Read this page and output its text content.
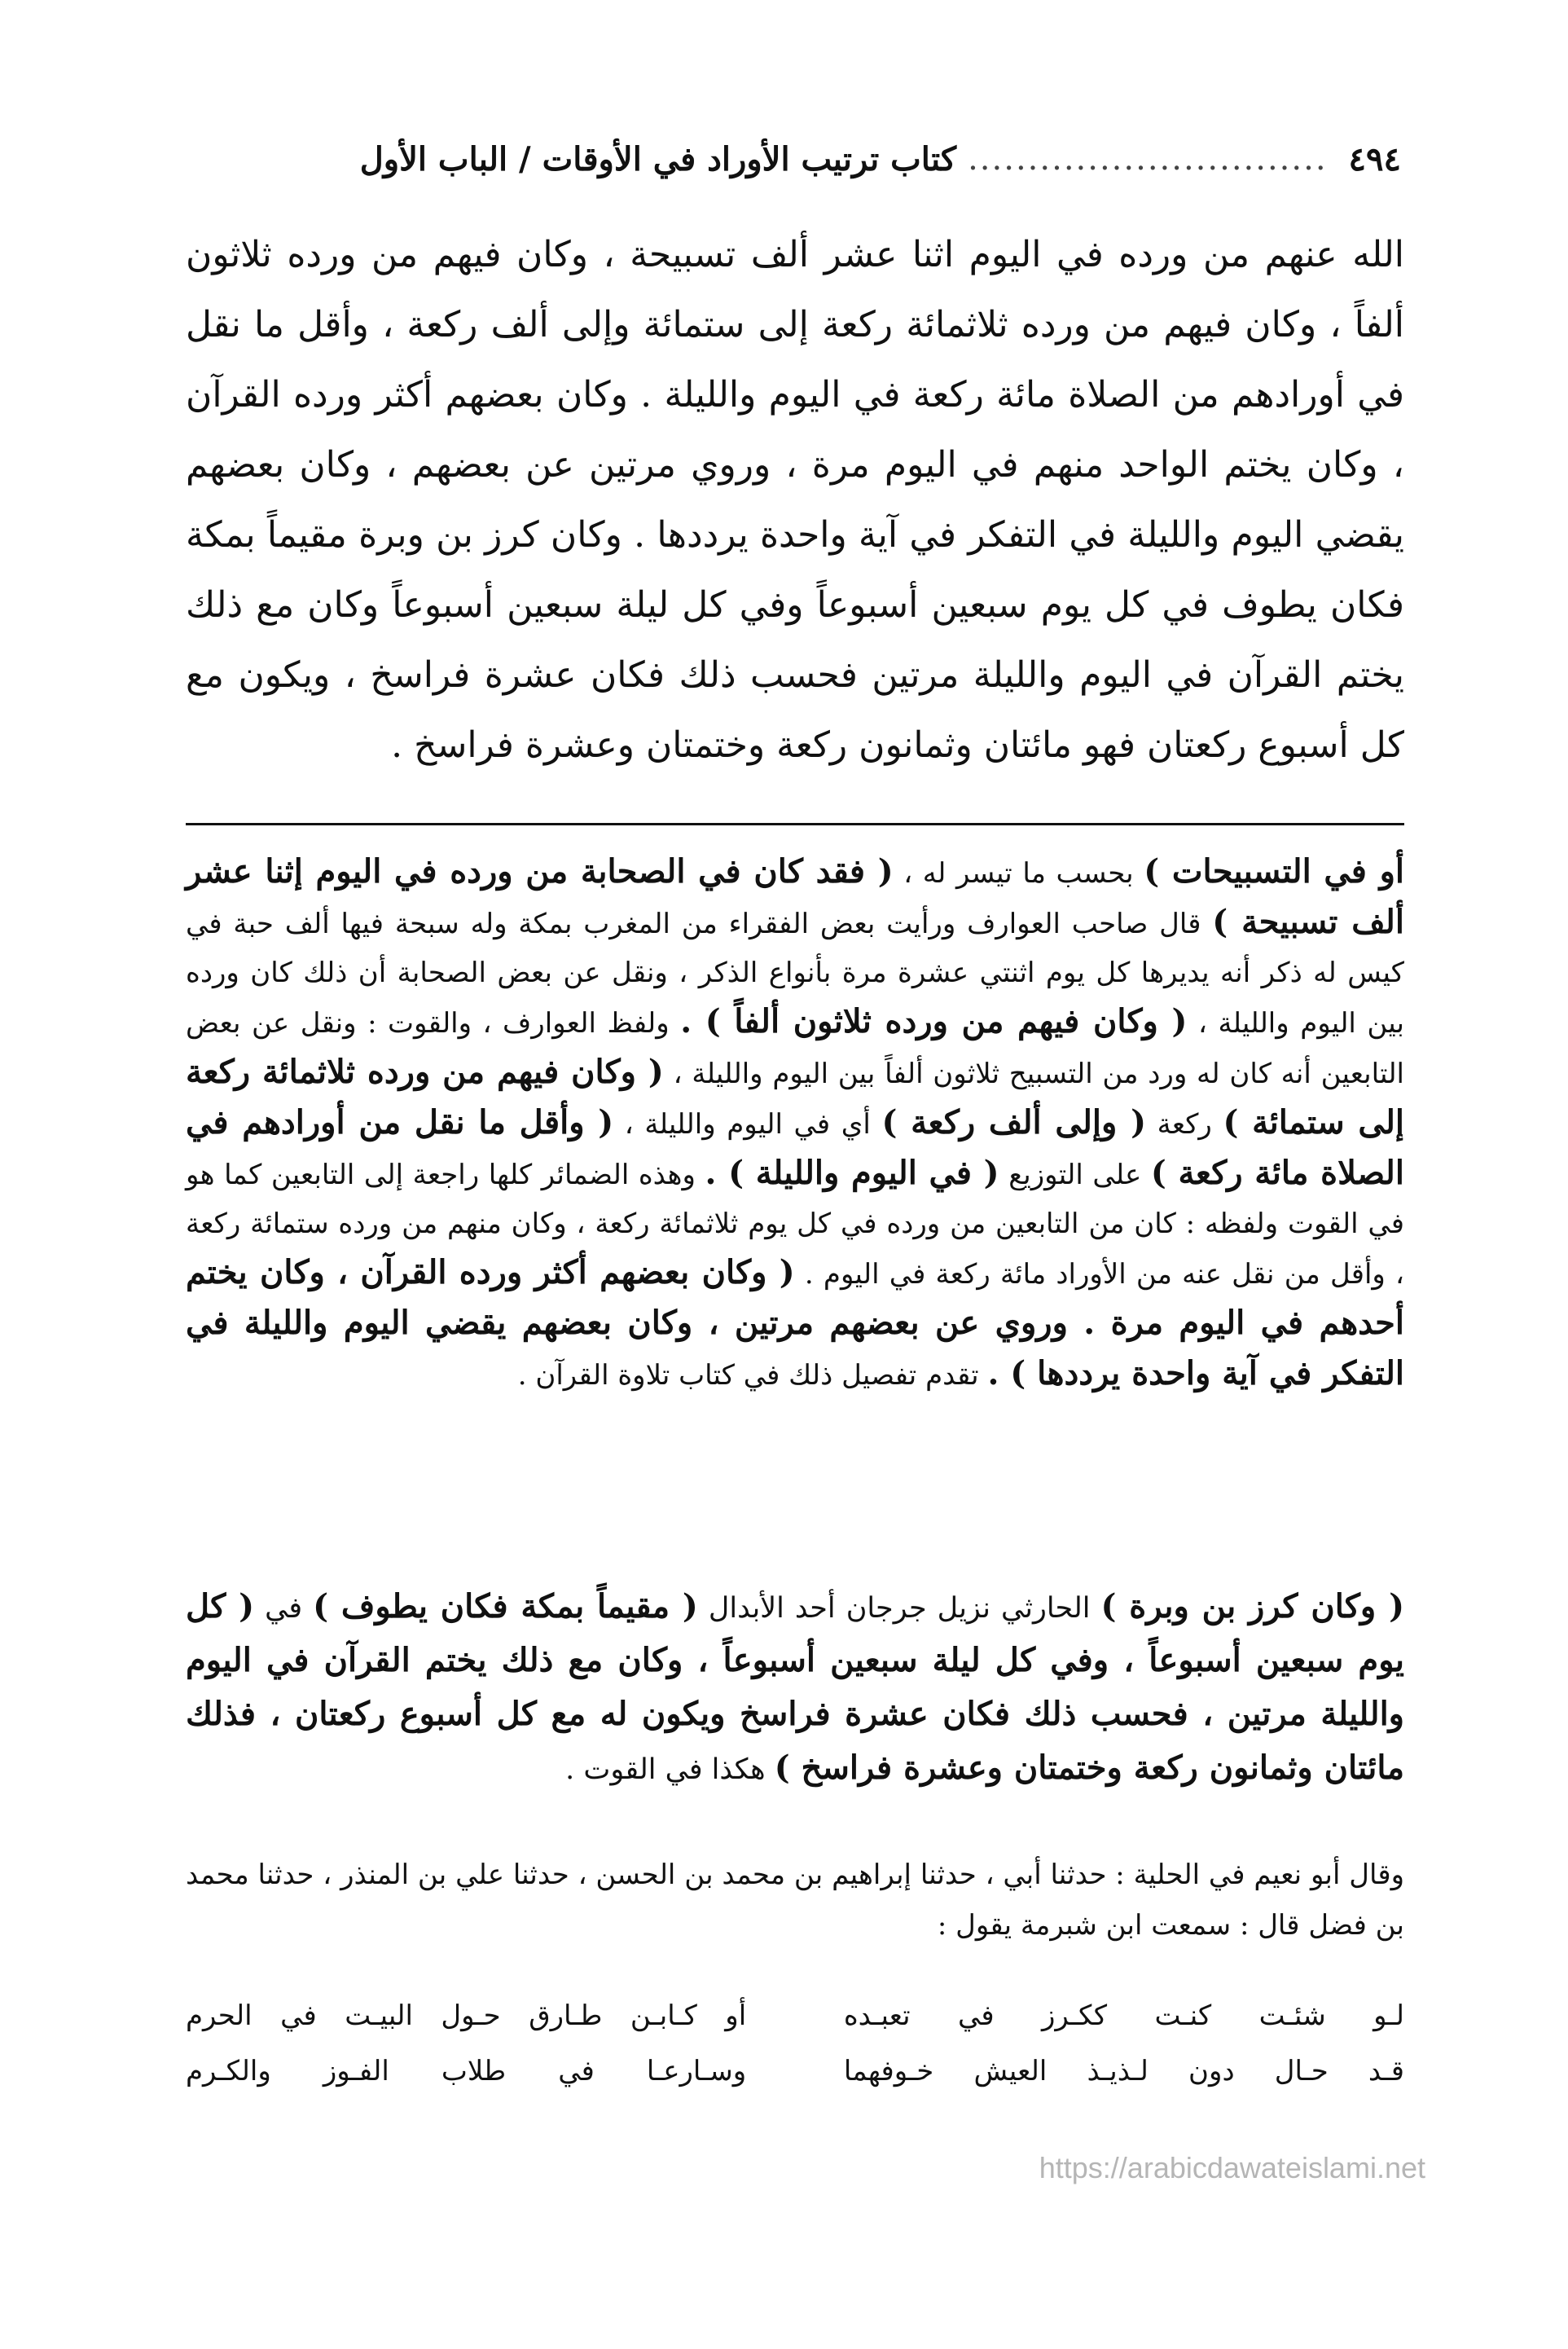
٤٩٤
..............................
كتاب ترتيب الأوراد في الأوقات / الباب الأول

الله عنهم من ورده في اليوم اثنا عشر ألف تسبيحة ، وكان فيهم من ورده ثلاثون ألفاً ، وكان فيهم من ورده ثلاثمائة ركعة إلى ستمائة وإلى ألف ركعة ، وأقل ما نقل في أورادهم من الصلاة مائة ركعة في اليوم والليلة . وكان بعضهم أكثر ورده القرآن ، وكان يختم الواحد منهم في اليوم مرة ، وروي مرتين عن بعضهم ، وكان بعضهم يقضي اليوم والليلة في التفكر في آية واحدة يرددها . وكان كرز بن وبرة مقيماً بمكة فكان يطوف في كل يوم سبعين أسبوعاً وفي كل ليلة سبعين أسبوعاً وكان مع ذلك يختم القرآن في اليوم والليلة مرتين فحسب ذلك فكان عشرة فراسخ ، ويكون مع كل أسبوع ركعتان فهو مائتان وثمانون ركعة وختمتان وعشرة فراسخ .

أو في التسبيحات ) بحسب ما تيسر له ، ( فقد كان في الصحابة من ورده في اليوم إثنا عشر ألف تسبيحة ) قال صاحب العوارف ورأيت بعض الفقراء من المغرب بمكة وله سبحة فيها ألف حبة في كيس له ذكر أنه يديرها كل يوم اثنتي عشرة مرة بأنواع الذكر ، ونقل عن بعض الصحابة أن ذلك كان ورده بين اليوم والليلة ، ( وكان فيهم من ورده ثلاثون ألفاً ) . ولفظ العوارف ، والقوت : ونقل عن بعض التابعين أنه كان له ورد من التسبيح ثلاثون ألفاً بين اليوم والليلة ، ( وكان فيهم من ورده ثلاثمائة ركعة إلى ستمائة ) ركعة ( وإلى ألف ركعة ) أي في اليوم والليلة ، ( وأقل ما نقل من أورادهم في الصلاة مائة ركعة ) على التوزيع ( في اليوم والليلة ) . وهذه الضمائر كلها راجعة إلى التابعين كما هو في القوت ولفظه : كان من التابعين من ورده في كل يوم ثلاثمائة ركعة ، وكان منهم من ورده ستمائة ركعة ، وأقل من نقل عنه من الأوراد مائة ركعة في اليوم . ( وكان بعضهم أكثر ورده القرآن ، وكان يختم أحدهم في اليوم مرة . وروي عن بعضهم مرتين ، وكان بعضهم يقضي اليوم والليلة في التفكر في آية واحدة يرددها ) . تقدم تفصيل ذلك في كتاب تلاوة القرآن .

( وكان كرز بن وبرة ) الحارثي نزيل جرجان أحد الأبدال ( مقيماً بمكة فكان يطوف ) في ( كل يوم سبعين أسبوعاً ، وفي كل ليلة سبعين أسبوعاً ، وكان مع ذلك يختم القرآن في اليوم والليلة مرتين ، فحسب ذلك فكان عشرة فراسخ ويكون له مع كل أسبوع ركعتان ، فذلك مائتان وثمانون ركعة وختمتان وعشرة فراسخ ) هكذا في القوت .

وقال أبو نعيم في الحلية : حدثنا أبي ، حدثنا إبراهيم بن محمد بن الحسن ، حدثنا علي بن المنذر ، حدثنا محمد بن فضل قال : سمعت ابن شبرمة يقول :

لـو شئـت كنـت ككـرز في تعبـده
أو كـابـن طـارق حـول البيـت في الحرم
قـد حـال دون لـذيـذ العيش خـوفهما
وسـارعـا في طلاب الفـوز والكـرم
https://arabicdawateislami.net
